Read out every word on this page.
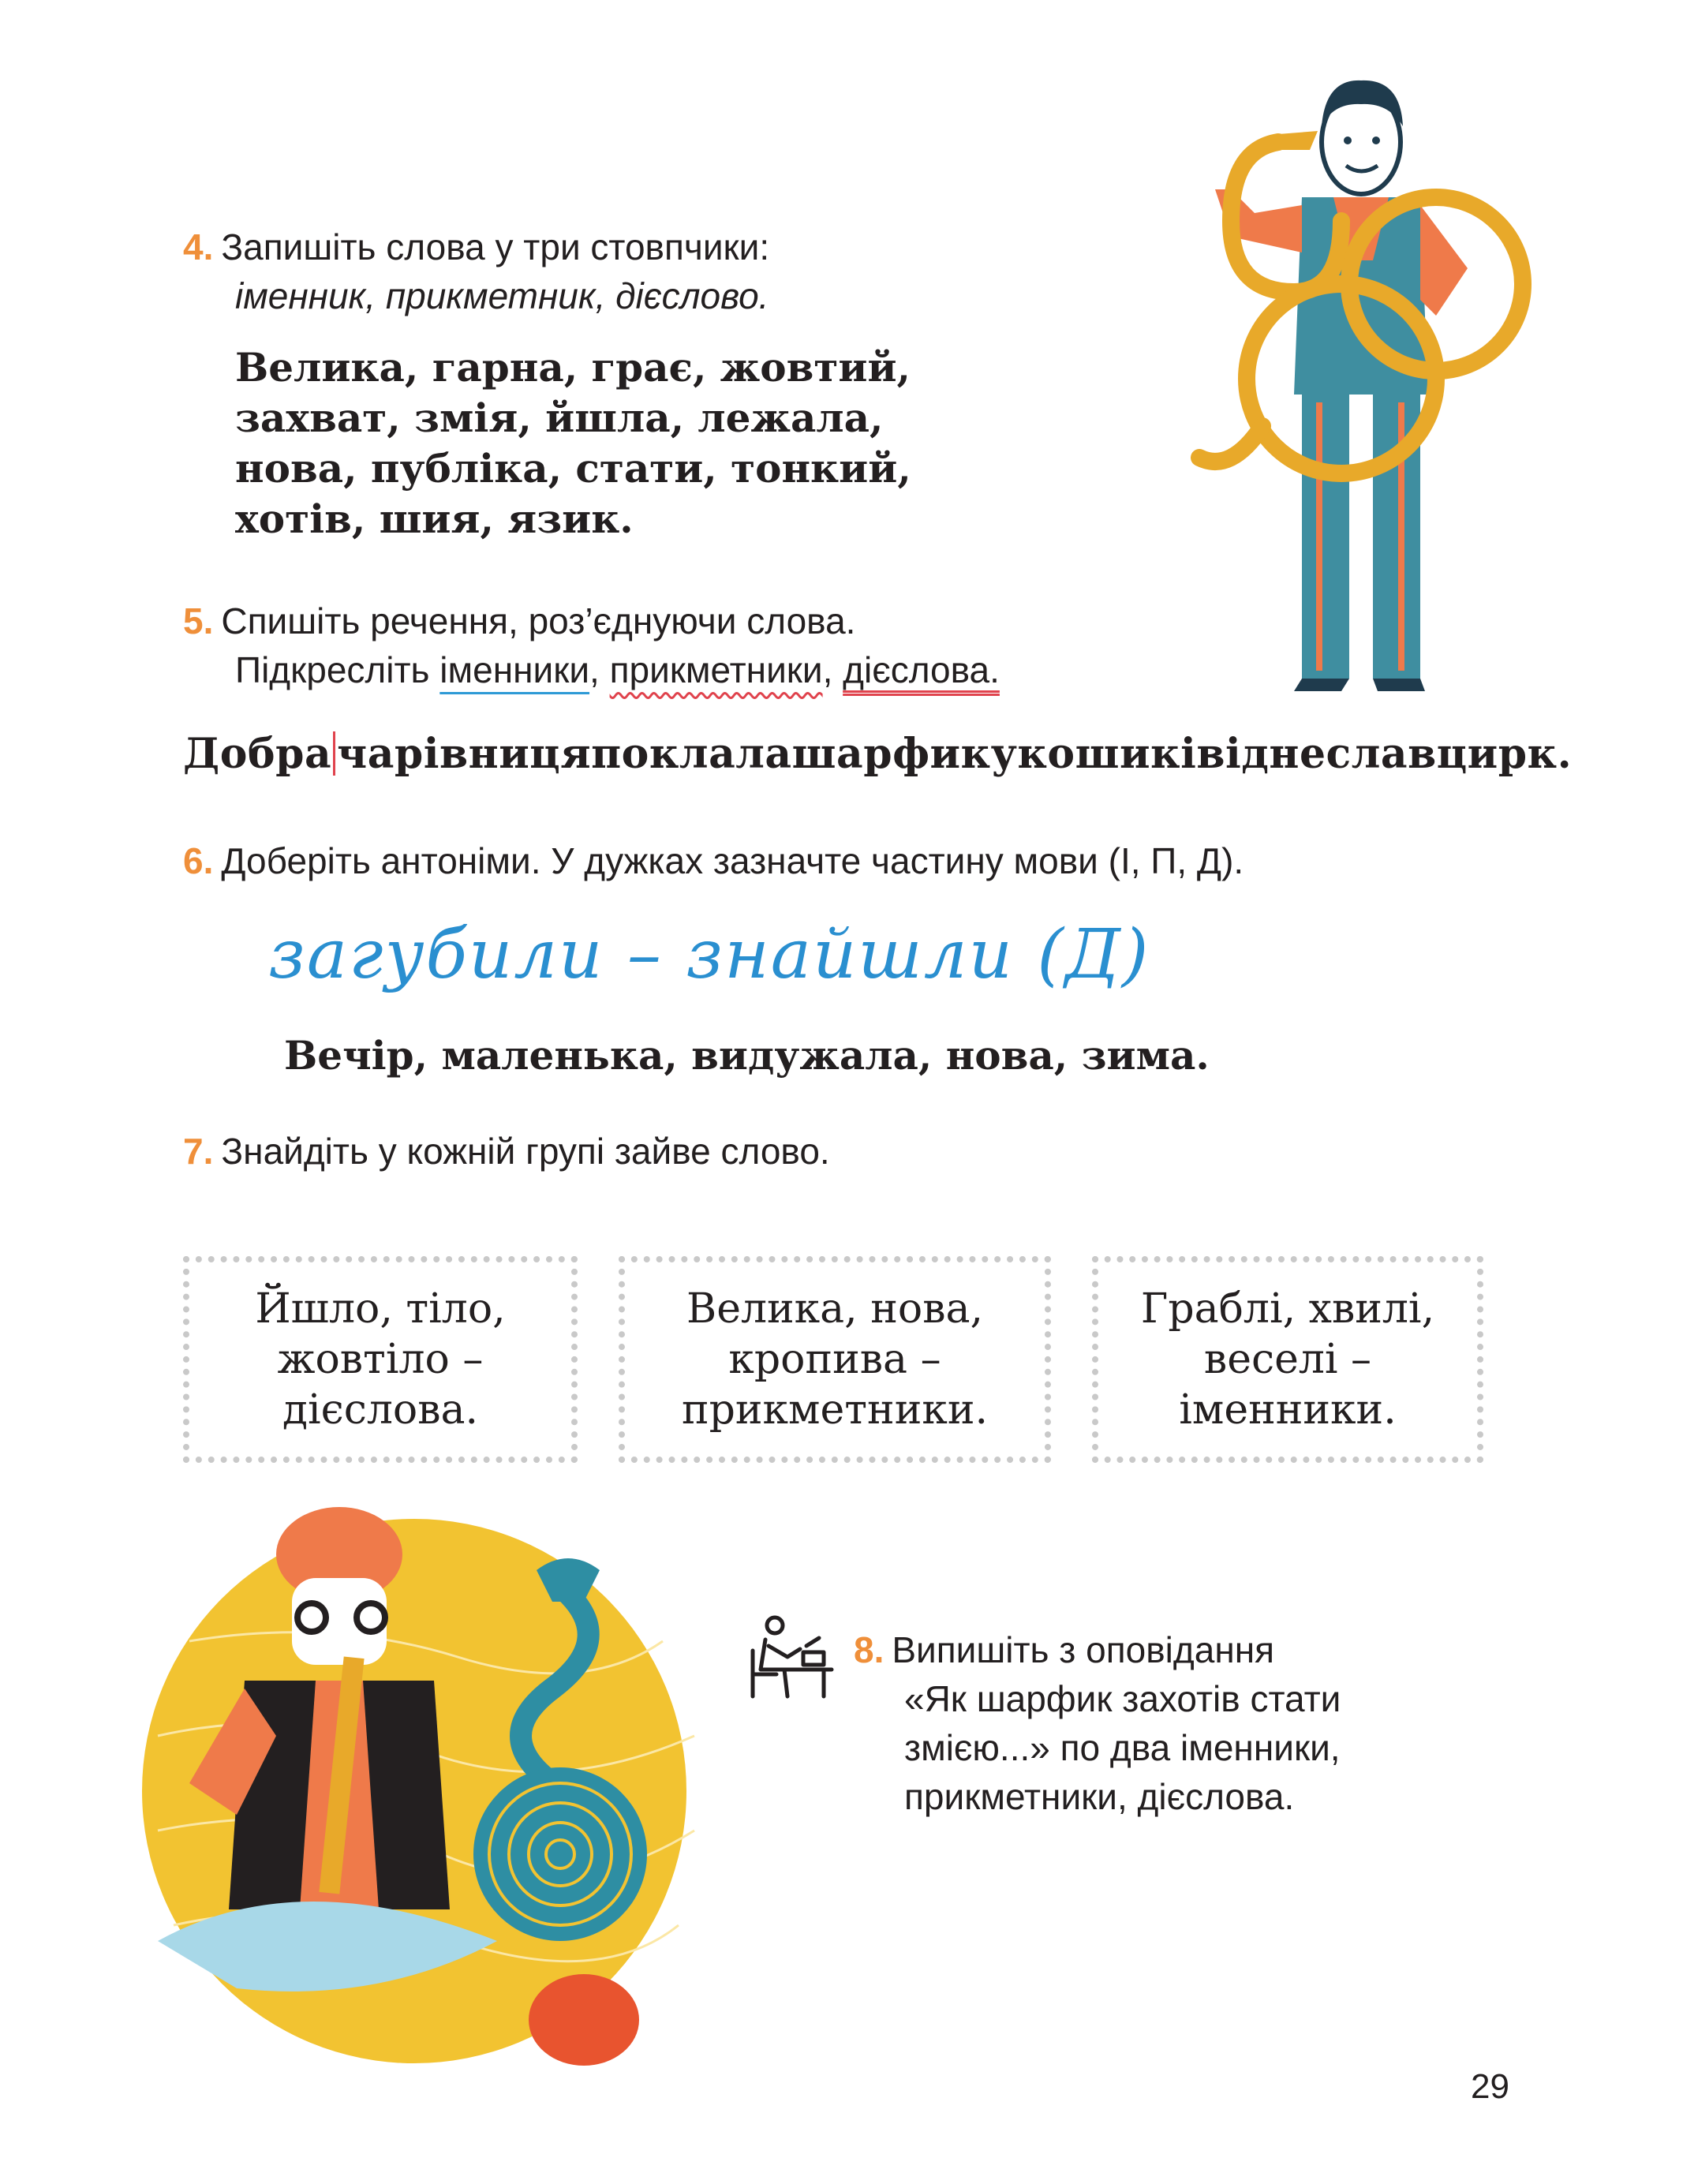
4. Запишіть слова у три стовпчики:
іменник, прикметник, дієслово.
Велика, гарна, грає, жовтий,
захват, змія, йшла, лежала,
нова, публіка, стати, тонкий,
хотів, шия, язик.
5. Спишіть речення, роз’єднуючи слова.
Підкресліть іменники, прикметники, дієслова.
Добра чарівницяпоклалашарфикукошиківіднеславцирк.
6. Доберіть антоніми. У дужках зазначте частину мови (І, П, Д).
загубили – знайшли (Д)
Вечір, маленька, видужала, нова, зима.
7. Знайдіть у кожній групі зайве слово.
Йшло, тіло,
жовтіло –
дієслова.
Велика, нова,
кропива –
прикметники.
Граблі, хвилі,
веселі –
іменники.
8. Випишіть з оповідання
«Як шарфик захотів стати
змією...» по два іменники,
прикметники, дієслова.
29
